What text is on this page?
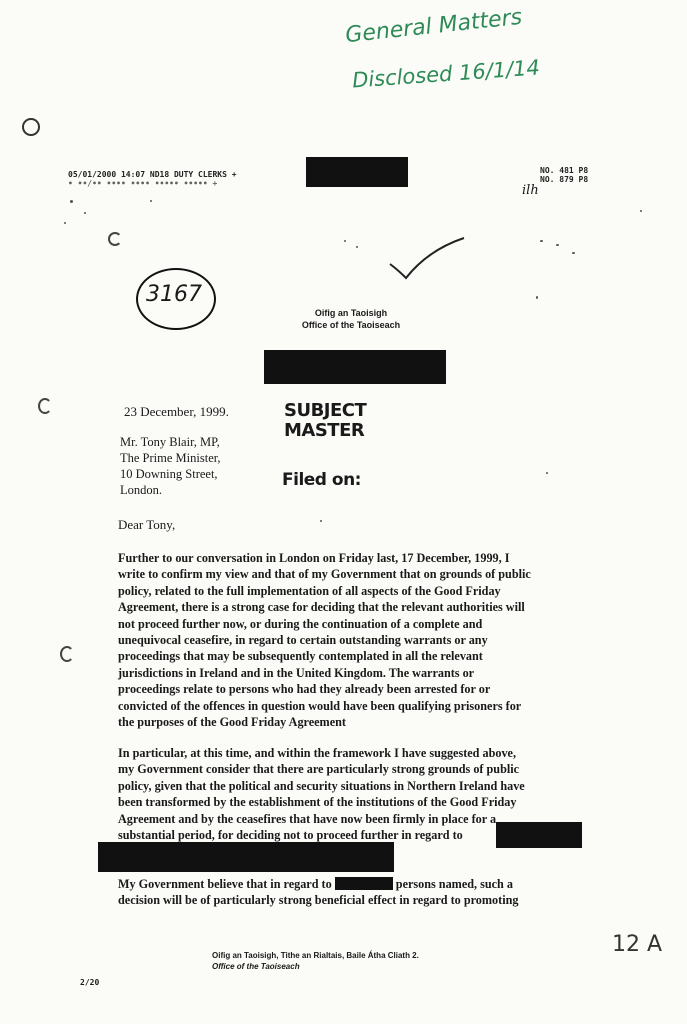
General Matters
Disclosed 16/1/14
05/01/2000 14:07 ND18 DUTY CLERKS +
• ••/•• •••• •••• ••••• ••••• +
NO. 481 P8
NO. 879 P8
ilh
3167
Oifig an Taoisigh
Office of the Taoiseach
23 December, 1999.	SUBJECT
MASTER
Filed on:
Mr. Tony Blair, MP,
The Prime Minister,
10 Downing Street,
London.
Dear Tony,
Further to our conversation in London on Friday last, 17 December, 1999, I
write to confirm my view and that of my Government that on grounds of public
policy, related to the full implementation of all aspects of the Good Friday
Agreement, there is a strong case for deciding that the relevant authorities will
not proceed further now, or during the continuation of a complete and
unequivocal ceasefire, in regard to certain outstanding warrants or any
proceedings that may be subsequently contemplated in all the relevant
jurisdictions in Ireland and in the United Kingdom. The warrants or
proceedings relate to persons who had they already been arrested for or
convicted of the offences in question would have been qualifying prisoners for
the purposes of the Good Friday Agreement
In particular, at this time, and within the framework I have suggested above,
my Government consider that there are particularly strong grounds of public
policy, given that the political and security situations in Northern Ireland have
been transformed by the establishment of the institutions of the Good Friday
Agreement and by the ceasefires that have now been firmly in place for a
substantial period, for deciding not to proceed further in regard to
My Government believe that in regard to	persons named, such a
decision will be of particularly strong beneficial effect in regard to promoting
Oifig an Taoisigh, Tithe an Rialtais, Baile Átha Cliath 2.
Office of the Taoiseach
2/20
12 A
